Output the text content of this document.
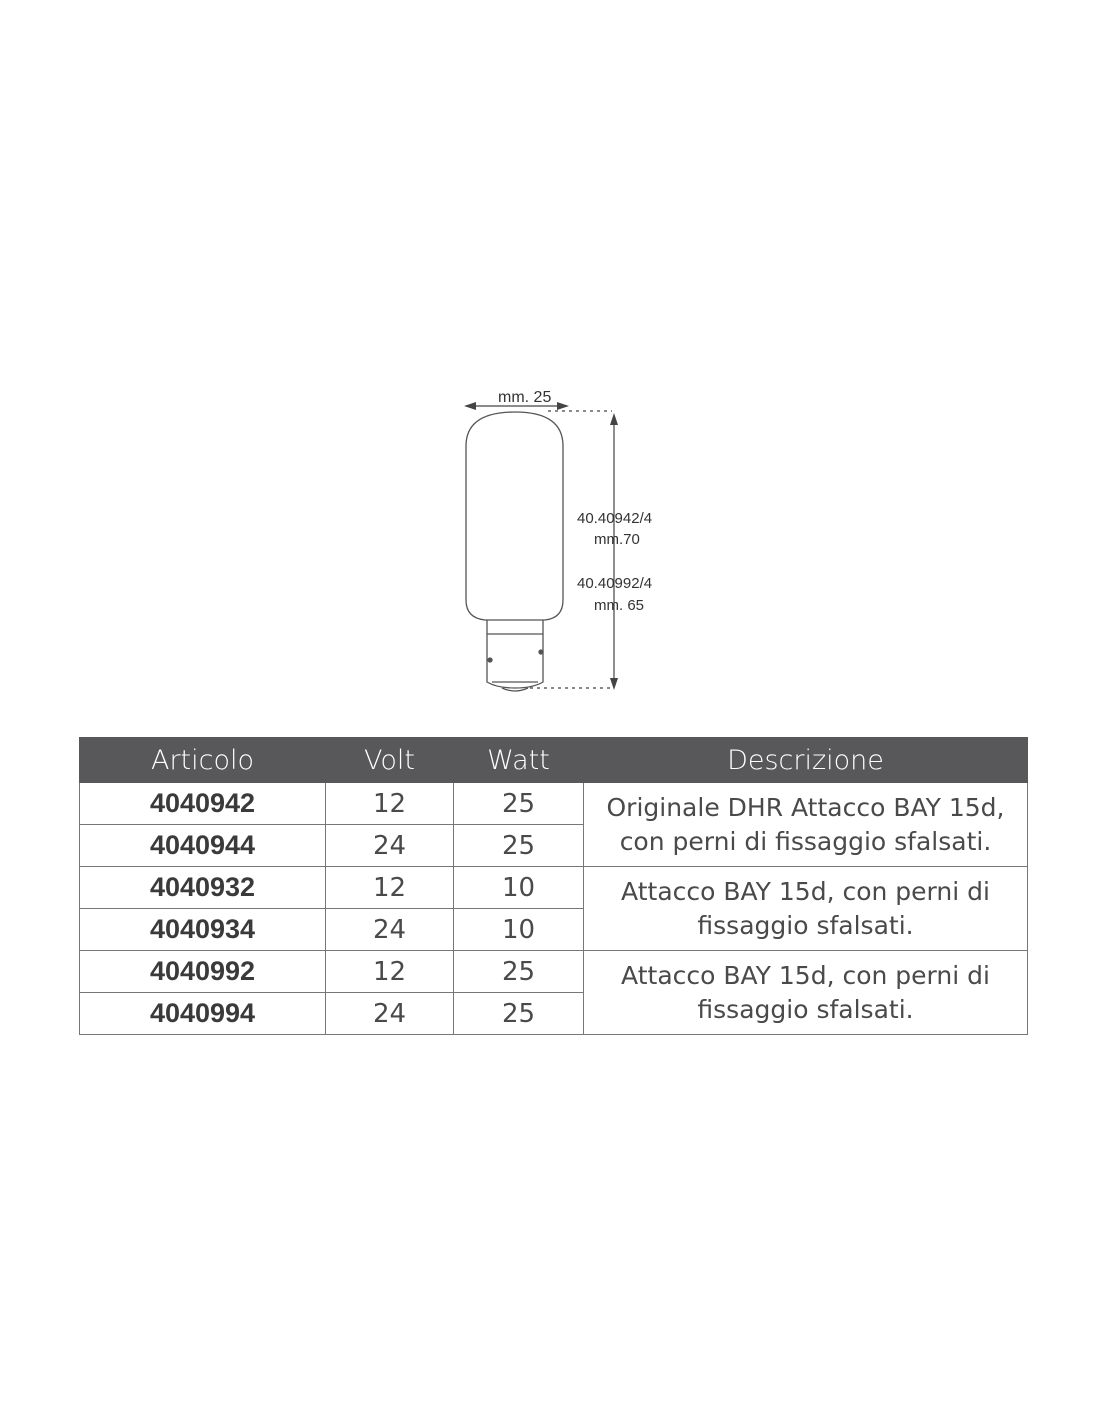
mm. 25
40.40942/4
mm.70
40.40992/4
mm. 65
Articolo	Volt	Watt	Descrizione
4040942	12	25	Originale DHR Attacco BAY 15d,
con perni di fissaggio sfalsati.

4040944	24	25	
4040932	12	10	Attacco BAY 15d, con perni di
fissaggio sfalsati.

4040934	24	10	
4040992	12	25	Attacco BAY 15d, con perni di
fissaggio sfalsati.

4040994	24	25	
